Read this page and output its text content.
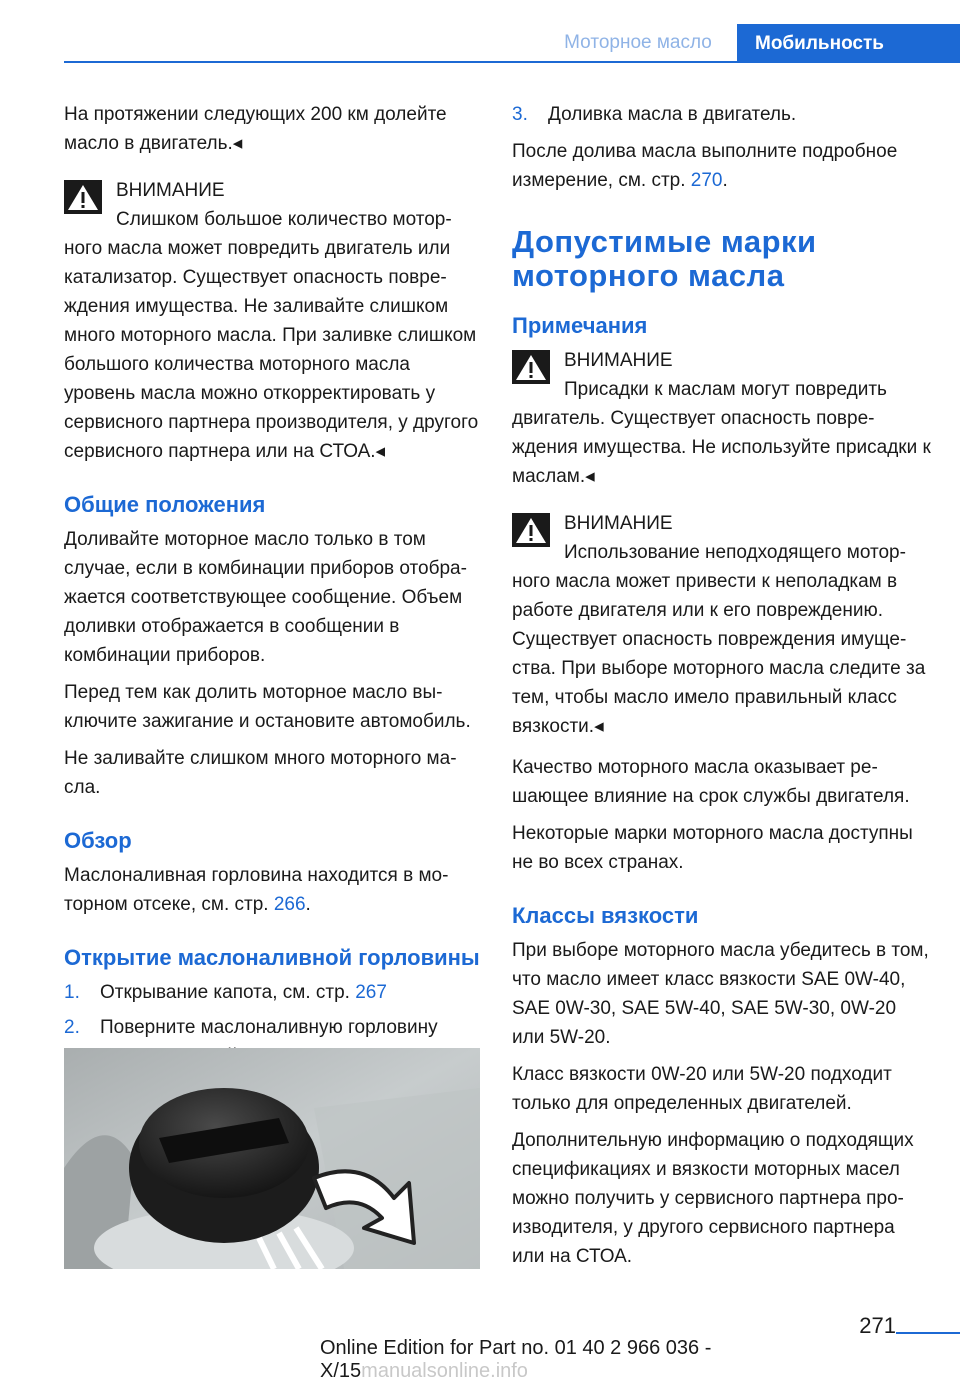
Моторное масло	Мобильность

На протяжении следующих 200 км долейте масло в двигатель.◂

ВНИМАНИЕ
Слишком большое количество мотор-
ного масла может повредить двигатель или катализатор. Существует опасность повреждения имущества. Не заливайте слишком много моторного масла. При заливке слишком большого количества моторного масла уровень масла можно откорректировать у сервисного партнера производителя, у другого сервисного партнера или на СТОА.◂
Общие положения

Доливайте моторное масло только в том случае, если в комбинации приборов отображается соответствующее сообщение. Объем доливки отображается в сообщении в комбинации приборов.

Перед тем как долить моторное масло выключите зажигание и остановите автомобиль.

Не заливайте слишком много моторного масла.

Обзор

Маслоналивная горловина находится в моторном отсеке, см. стр. 266.

Открытие маслоналивной горловины
1. Открывание капота, см. стр. 267
2. Поверните маслоналивную горловину
3. Доливка масла в двигатель.

После долива масла выполните подробное измерение, см. стр. 270.

Допустимые марки моторного масла
Примечания
ВНИМАНИЕ
Присадки к маслам могут повредить
двигатель. Существует опасность повреждения имущества. Не используйте присадки к маслам.◂
ВНИМАНИЕ
Использование неподходящего мотор-
ного масла может привести к неполадкам в работе двигателя или к его повреждению. Существует опасность повреждения имущества. При выборе моторного масла следите за тем, чтобы масло имело правильный класс вязкости.◂

Качество моторного масла оказывает решающее влияние на срок службы двигателя.

Некоторые марки моторного масла доступны не во всех странах.

Классы вязкости

При выборе моторного масла убедитесь в том, что масло имеет класс вязкости SAE 0W-40, SAE 0W-30, SAE 5W-40, SAE 5W-30, 0W-20 или 5W-20.

Класс вязкости 0W-20 или 5W-20 подходит только для определенных двигателей.

Дополнительную информацию о подходящих спецификациях и вязкости моторных масел можно получить у сервисного партнера производителя, у другого сервисного партнера или на СТОА.

271
Online Edition for Part no. 01 40 2 966 036 - X/15manualsonline.info
